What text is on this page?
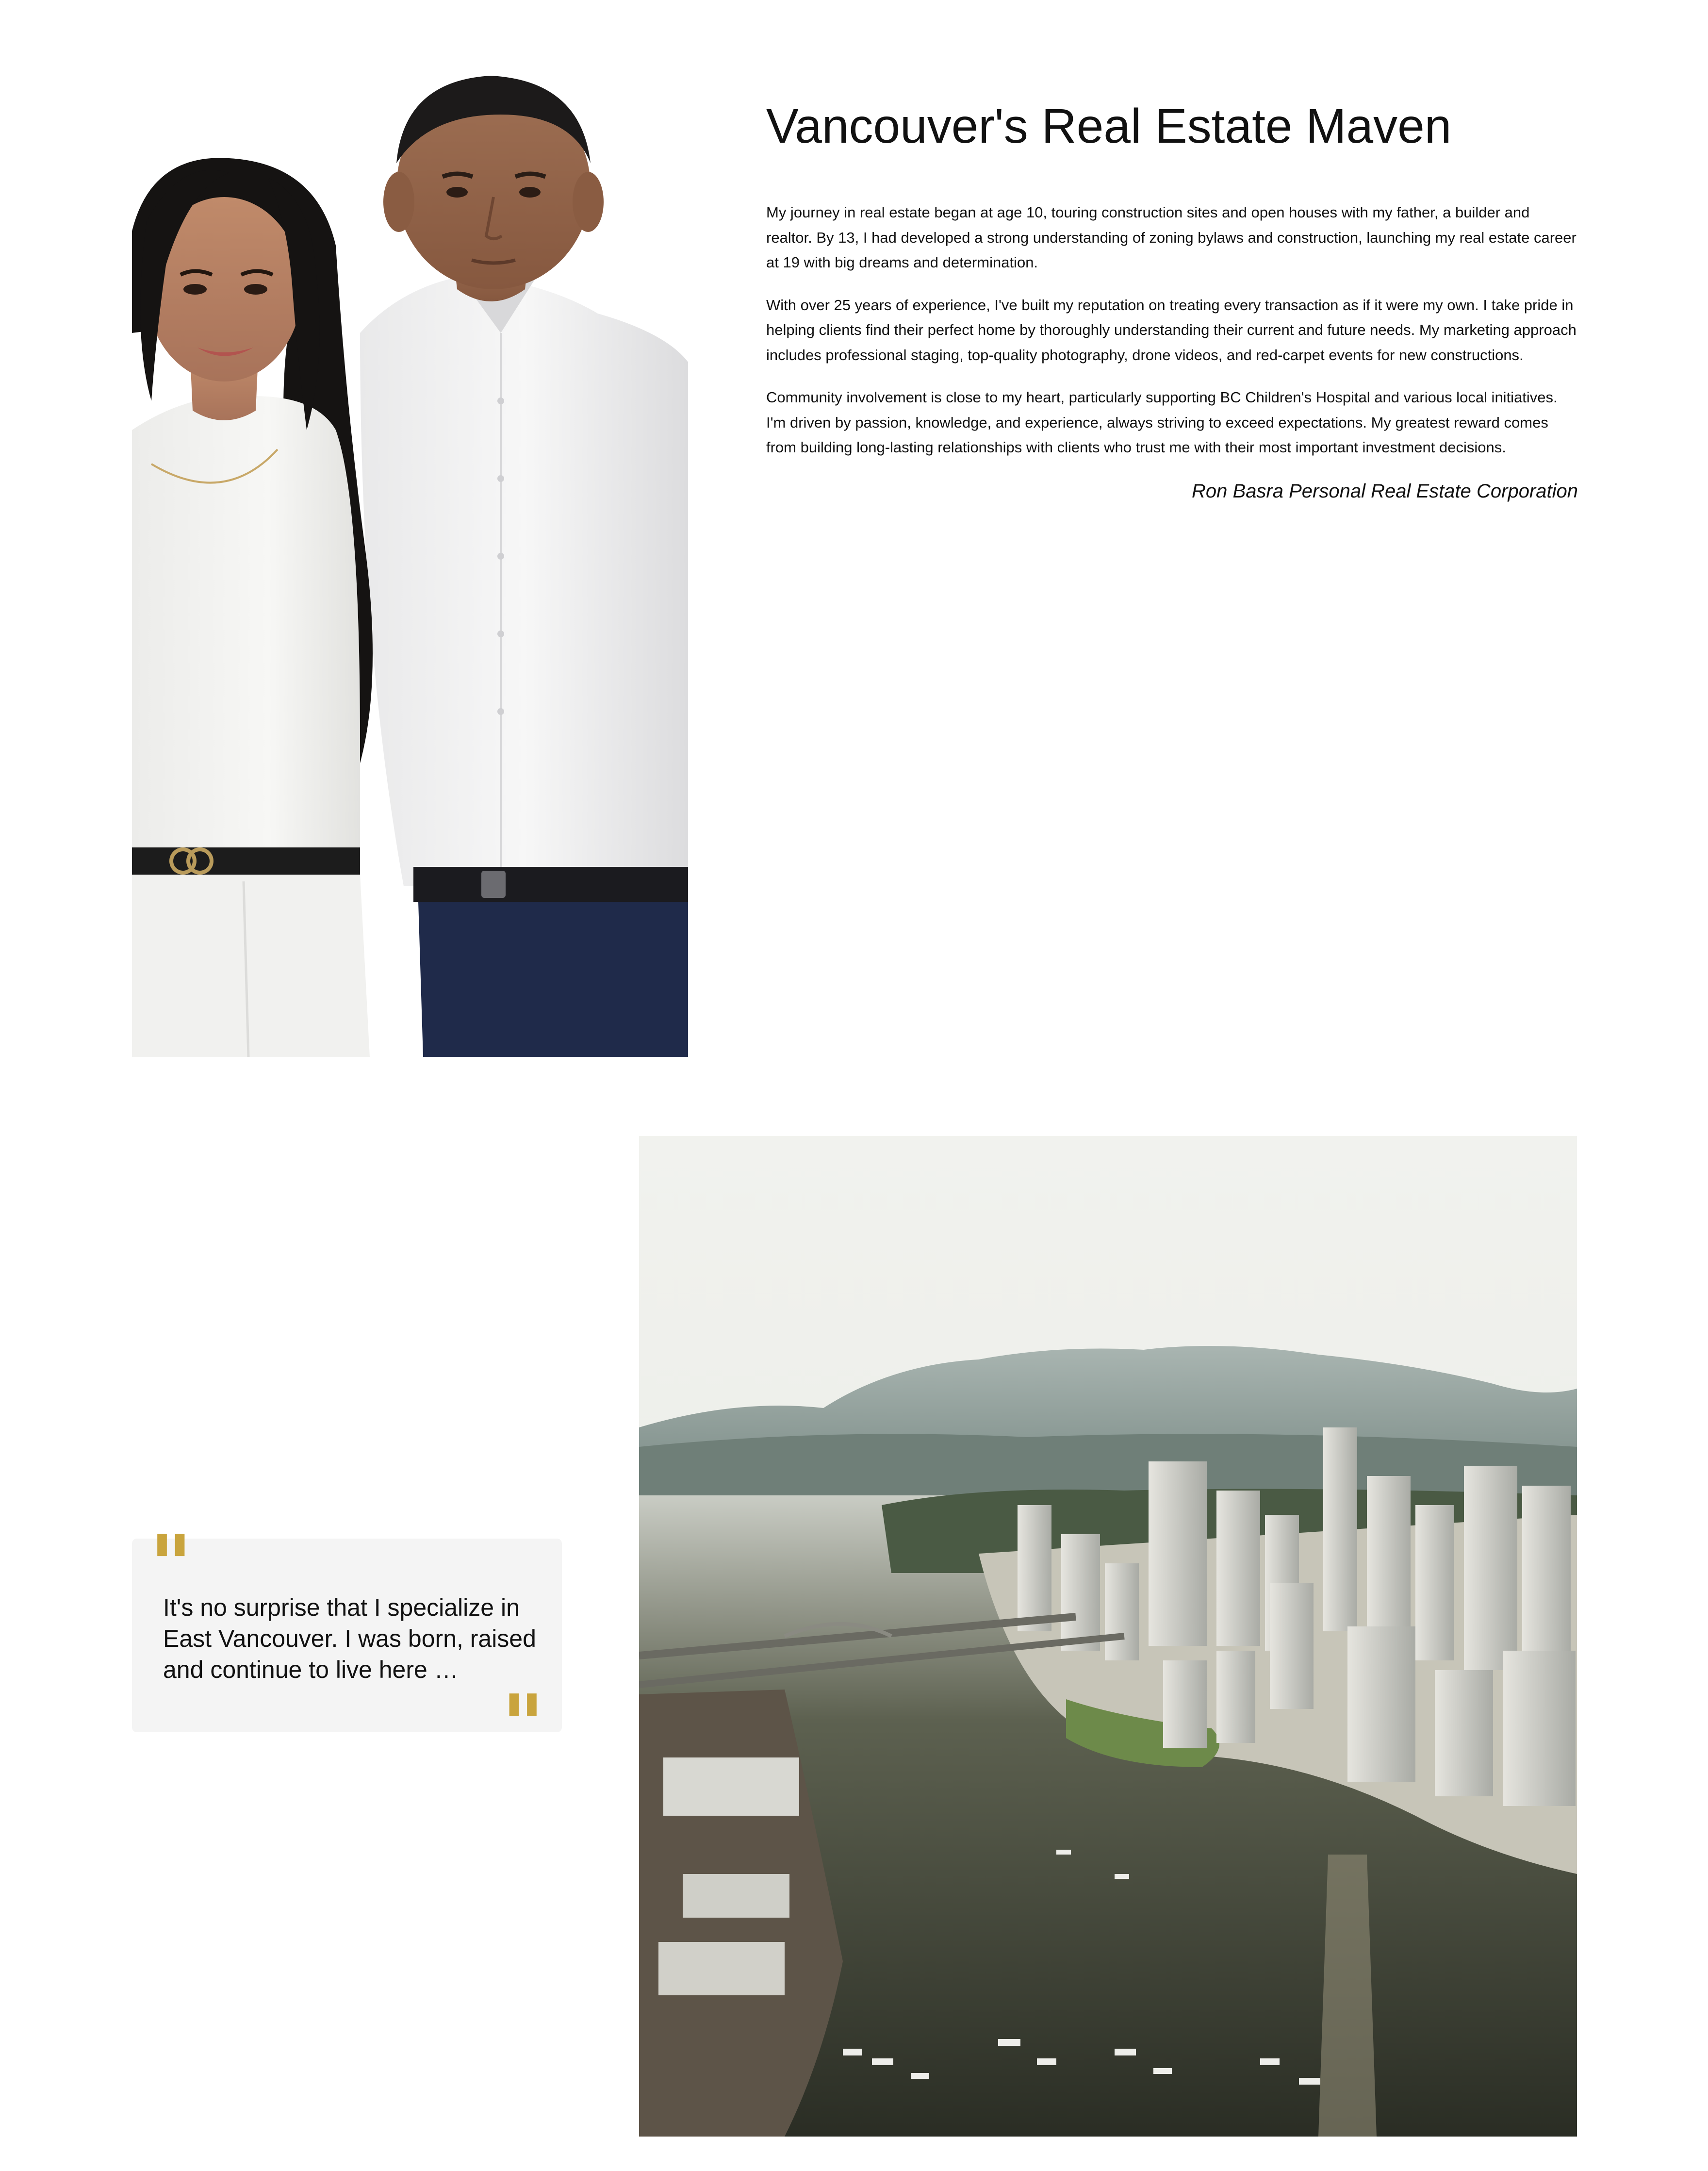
Vancouver's Real Estate Maven

My journey in real estate began at age 10, touring construction sites and open houses with my father, a builder and realtor. By 13, I had developed a strong understanding of zoning bylaws and construction, launching my real estate career at 19 with big dreams and determination.

With over 25 years of experience, I've built my reputation on treating every transaction as if it were my own. I take pride in helping clients find their perfect home by thoroughly understanding their current and future needs. My marketing approach includes professional staging, top-quality photography, drone videos, and red-carpet events for new constructions.

Community involvement is close to my heart, particularly supporting BC Children's Hospital and various local initiatives. I'm driven by passion, knowledge, and experience, always striving to exceed expectations. My greatest reward comes from building long-lasting relationships with clients who trust me with their most important investment decisions.

Ron Basra Personal Real Estate Corporation
"

It's no surprise that I specialize in East Vancouver. I was born, raised and continue to live here …

"
